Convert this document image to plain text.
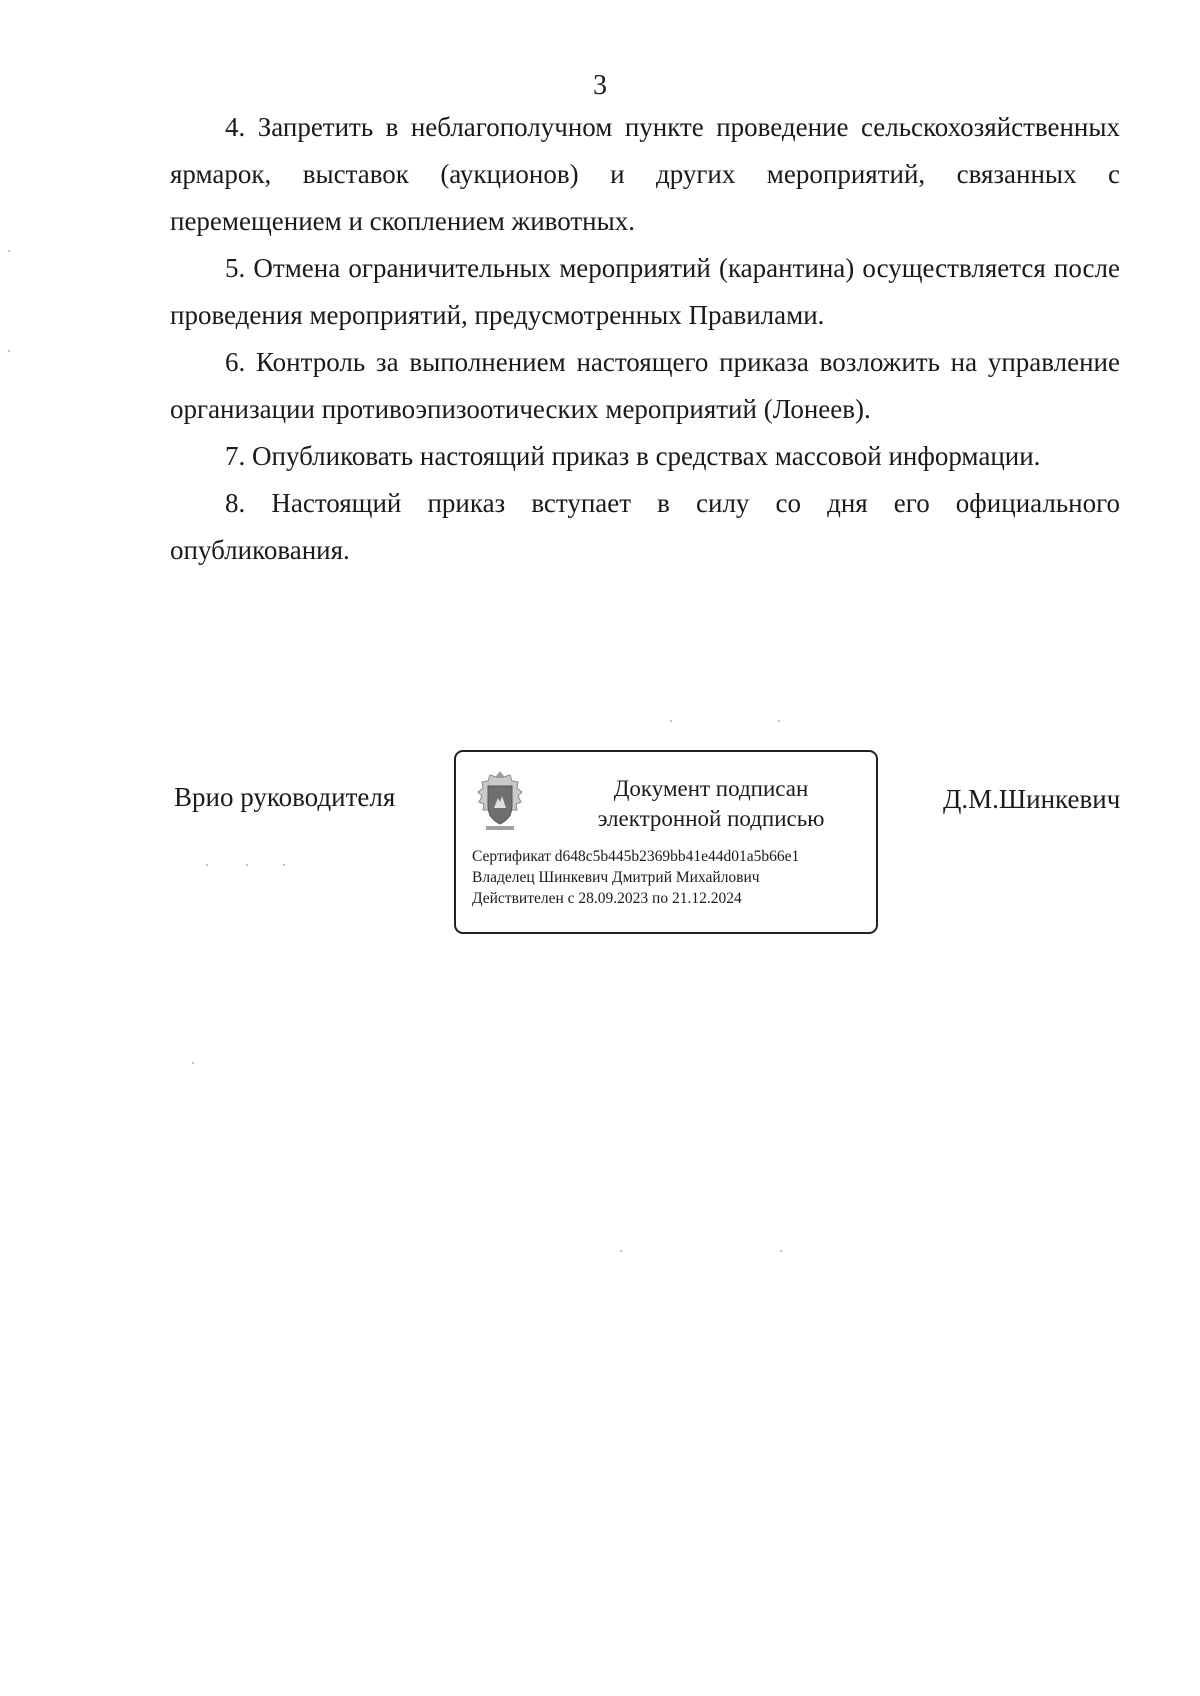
3

4. Запретить в неблагополучном пункте проведение сельскохозяйственных ярмарок, выставок (аукционов) и других мероприятий, связанных с перемещением и скоплением животных.

5. Отмена ограничительных мероприятий (карантина) осуществляется после проведения мероприятий, предусмотренных Правилами.

6. Контроль за выполнением настоящего приказа возложить на управление организации противоэпизоотических мероприятий (Лонеев).

7. Опубликовать настоящий приказ в средствах массовой информации.

8. Настоящий приказ вступает в силу со дня его официального опубликования.

Врио руководителя	Документ подписан
электронной подписью
Сертификат d648c5b445b2369bb41e44d01a5b66e1
Владелец Шинкевич Дмитрий Михайлович
Действителен с 28.09.2023 по 21.12.2024
Д.М.Шинкевич
